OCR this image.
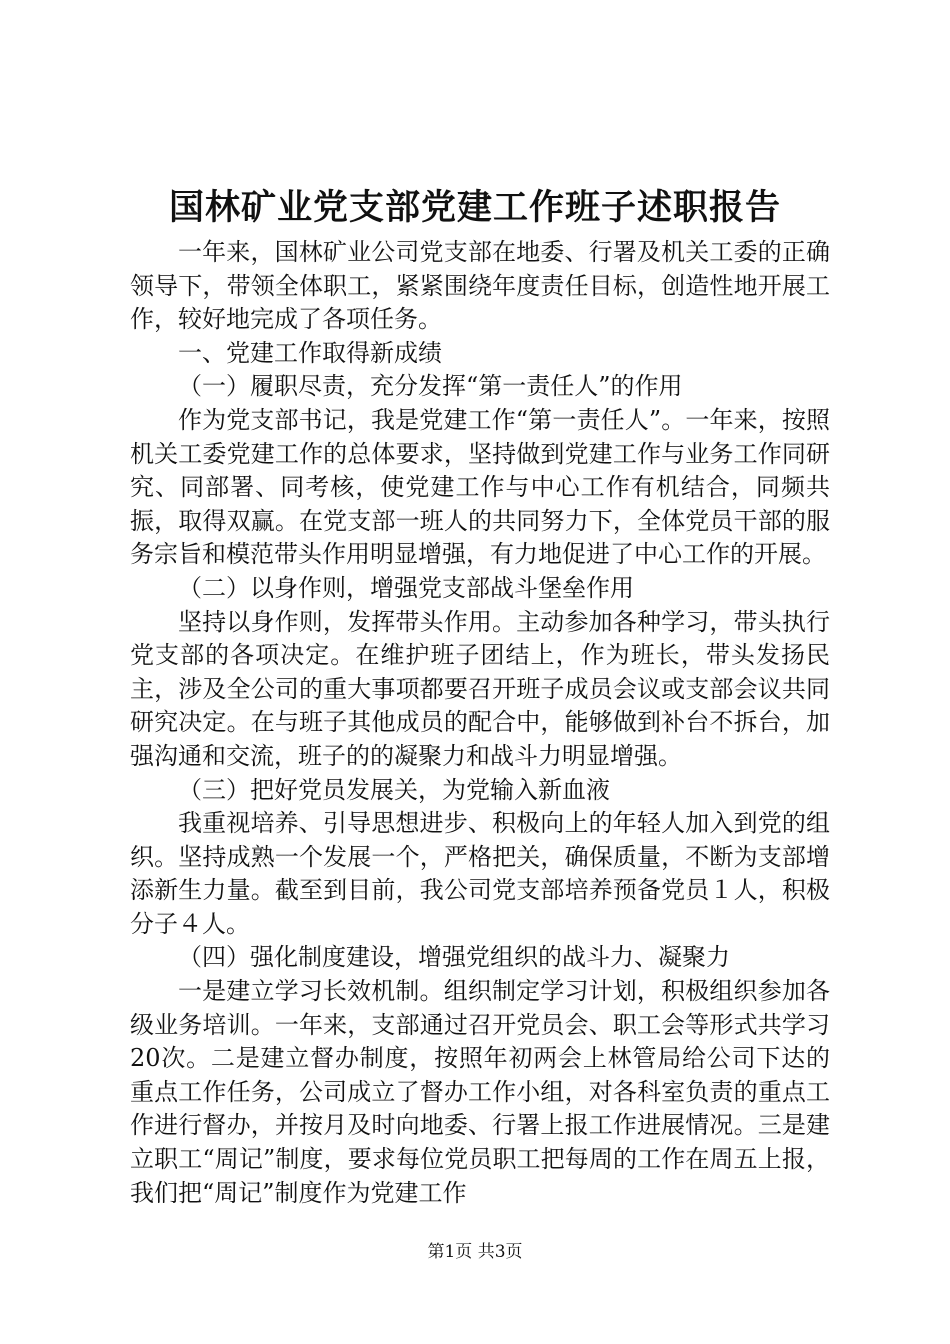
国林矿业党支部党建工作班子述职报告

一年来，国林矿业公司党支部在地委、行署及机关工委的正确领导下，带领全体职工，紧紧围绕年度责任目标，创造性地开展工作，较好地完成了各项任务。

一、党建工作取得新成绩

（一）履职尽责，充分发挥“第一责任人”的作用

作为党支部书记，我是党建工作“第一责任人”。一年来，按照机关工委党建工作的总体要求，坚持做到党建工作与业务工作同研究、同部署、同考核，使党建工作与中心工作有机结合，同频共振，取得双赢。在党支部一班人的共同努力下，全体党员干部的服务宗旨和模范带头作用明显增强，有力地促进了中心工作的开展。

（二）以身作则，增强党支部战斗堡垒作用

坚持以身作则，发挥带头作用。主动参加各种学习，带头执行党支部的各项决定。在维护班子团结上，作为班长，带头发扬民主，涉及全公司的重大事项都要召开班子成员会议或支部会议共同研究决定。在与班子其他成员的配合中，能够做到补台不拆台，加强沟通和交流，班子的的凝聚力和战斗力明显增强。

（三）把好党员发展关，为党输入新血液

我重视培养、引导思想进步、积极向上的年轻人加入到党的组织。坚持成熟一个发展一个，严格把关，确保质量，不断为支部增添新生力量。截至到目前，我公司党支部培养预备党员１人，积极分子４人。

（四）强化制度建设，增强党组织的战斗力、凝聚力

一是建立学习长效机制。组织制定学习计划，积极组织参加各级业务培训。一年来，支部通过召开党员会、职工会等形式共学习20次。二是建立督办制度，按照年初两会上林管局给公司下达的重点工作任务，公司成立了督办工作小组，对各科室负责的重点工作进行督办，并按月及时向地委、行署上报工作进展情况。三是建立职工“周记”制度，要求每位党员职工把每周的工作在周五上报，我们把“周记”制度作为党建工作

第1页 共3页
